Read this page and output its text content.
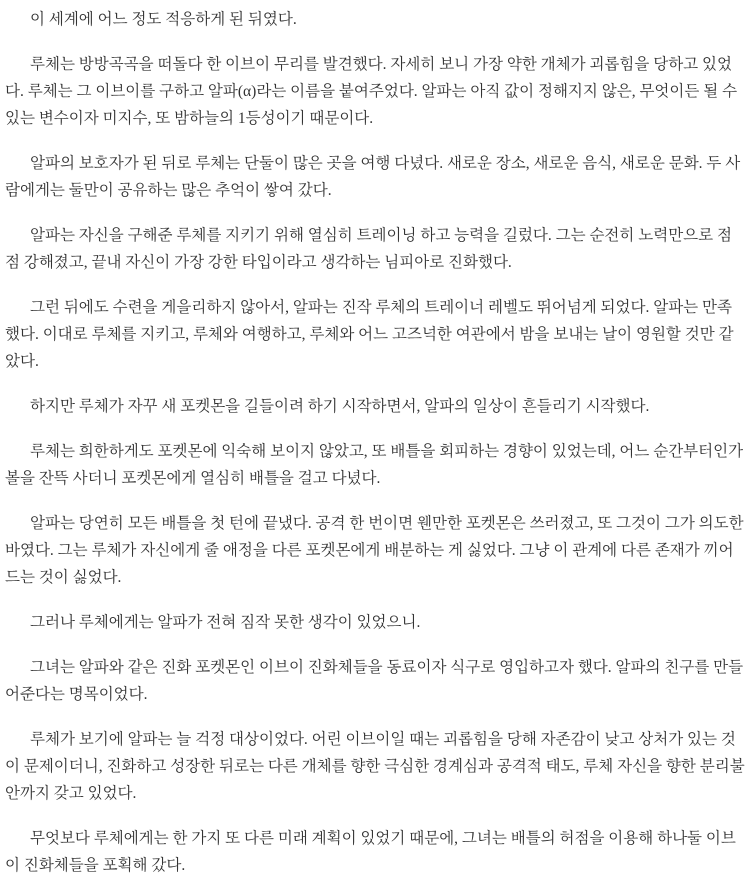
이 세계에 어느 정도 적응하게 된 뒤였다.

루체는 방방곡곡을 떠돌다 한 이브이 무리를 발견했다. 자세히 보니 가장 약한 개체가 괴롭힘을 당하고 있었다. 루체는 그 이브이를 구하고 알파(α)라는 이름을 붙여주었다. 알파는 아직 값이 정해지지 않은, 무엇이든 될 수 있는 변수이자 미지수, 또 밤하늘의 1등성이기 때문이다.

알파의 보호자가 된 뒤로 루체는 단둘이 많은 곳을 여행 다녔다. 새로운 장소, 새로운 음식, 새로운 문화. 두 사람에게는 둘만이 공유하는 많은 추억이 쌓여 갔다.

알파는 자신을 구해준 루체를 지키기 위해 열심히 트레이닝 하고 능력을 길렀다. 그는 순전히 노력만으로 점점 강해졌고, 끝내 자신이 가장 강한 타입이라고 생각하는 님피아로 진화했다.

그런 뒤에도 수련을 게을리하지 않아서, 알파는 진작 루체의 트레이너 레벨도 뛰어넘게 되었다. 알파는 만족했다. 이대로 루체를 지키고, 루체와 여행하고, 루체와 어느 고즈넉한 여관에서 밤을 보내는 날이 영원할 것만 같았다.

하지만 루체가 자꾸 새 포켓몬을 길들이려 하기 시작하면서, 알파의 일상이 흔들리기 시작했다.

루체는 희한하게도 포켓몬에 익숙해 보이지 않았고, 또 배틀을 회피하는 경향이 있었는데, 어느 순간부터인가 볼을 잔뜩 사더니 포켓몬에게 열심히 배틀을 걸고 다녔다.

알파는 당연히 모든 배틀을 첫 턴에 끝냈다. 공격 한 번이면 웬만한 포켓몬은 쓰러졌고, 또 그것이 그가 의도한 바였다. 그는 루체가 자신에게 줄 애정을 다른 포켓몬에게 배분하는 게 싫었다. 그냥 이 관계에 다른 존재가 끼어드는 것이 싫었다.

그러나 루체에게는 알파가 전혀 짐작 못한 생각이 있었으니.

그녀는 알파와 같은 진화 포켓몬인 이브이 진화체들을 동료이자 식구로 영입하고자 했다. 알파의 친구를 만들어준다는 명목이었다.

루체가 보기에 알파는 늘 걱정 대상이었다. 어린 이브이일 때는 괴롭힘을 당해 자존감이 낮고 상처가 있는 것이 문제이더니, 진화하고 성장한 뒤로는 다른 개체를 향한 극심한 경계심과 공격적 태도, 루체 자신을 향한 분리불안까지 갖고 있었다.

무엇보다 루체에게는 한 가지 또 다른 미래 계획이 있었기 때문에, 그녀는 배틀의 허점을 이용해 하나둘 이브이 진화체들을 포획해 갔다.
